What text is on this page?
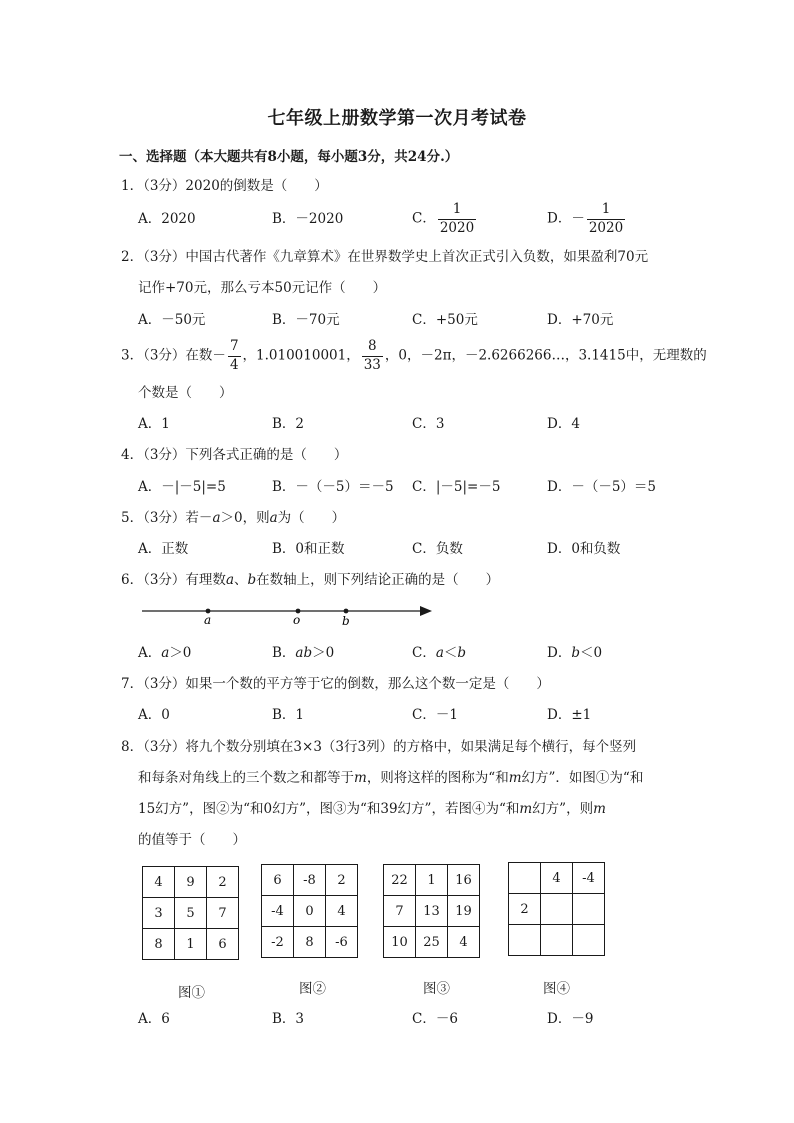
七年级上册数学第一次月考试卷
一、选择题（本大题共有8小题，每小题3分，共24分.）
1．（3分）2020的倒数是（　　）
A．2020	B．－2020	C． $\frac{1}{2020}$	D．－ $\frac{1}{2020}$
2．（3分）中国古代著作《九章算术》在世界数学史上首次正式引入负数，如果盈利70元
记作+70元，那么亏本50元记作（　　）
A．－50元	B．－70元	C．+50元	D．+70元
3．（3分）在数－ $\frac{7}{4}$ ，1.010010001， $\frac{8}{33}$ ，0，－2π，－2.6266266…，3.1415中，无理数的
个数是（　　）
A．1	B．2	C．3	D．4
4．（3分）下列各式正确的是（　　）
A．－|－5|=5	B．－（－5）＝－5 C．|－5|=－5	D．－（－5）＝5
5．（3分）若－a＞0，则a为（　　）
A．正数	B．0和正数	C．负数	D．0和负数
6．（3分）有理数a、b在数轴上，则下列结论正确的是（　　）
a	o	b
A．a＞0	B．ab＞0	C．a＜b	D．b＜0
7．（3分）如果一个数的平方等于它的倒数，那么这个数一定是（　　）
A．0	B．1	C．－1	D．±1
8．（3分）将九个数分别填在3×3（3行3列）的方格中，如果满足每个横行，每个竖列
和每条对角线上的三个数之和都等于m，则将这样的图称为“和m幻方”．如图①为“和
15幻方”，图②为“和0幻方”，图③为“和39幻方”，若图④为“和m幻方”，则m
的值等于（　　）
4	9	2
3	5	7
8	1	6
图①
6	-8	2
-4	0	4
-2	8	-6
图②
22	1	16
7	13	19
10	25	4
图③
	4	-4
2		

图④
A．6	B．3	C．－6	D．－9
